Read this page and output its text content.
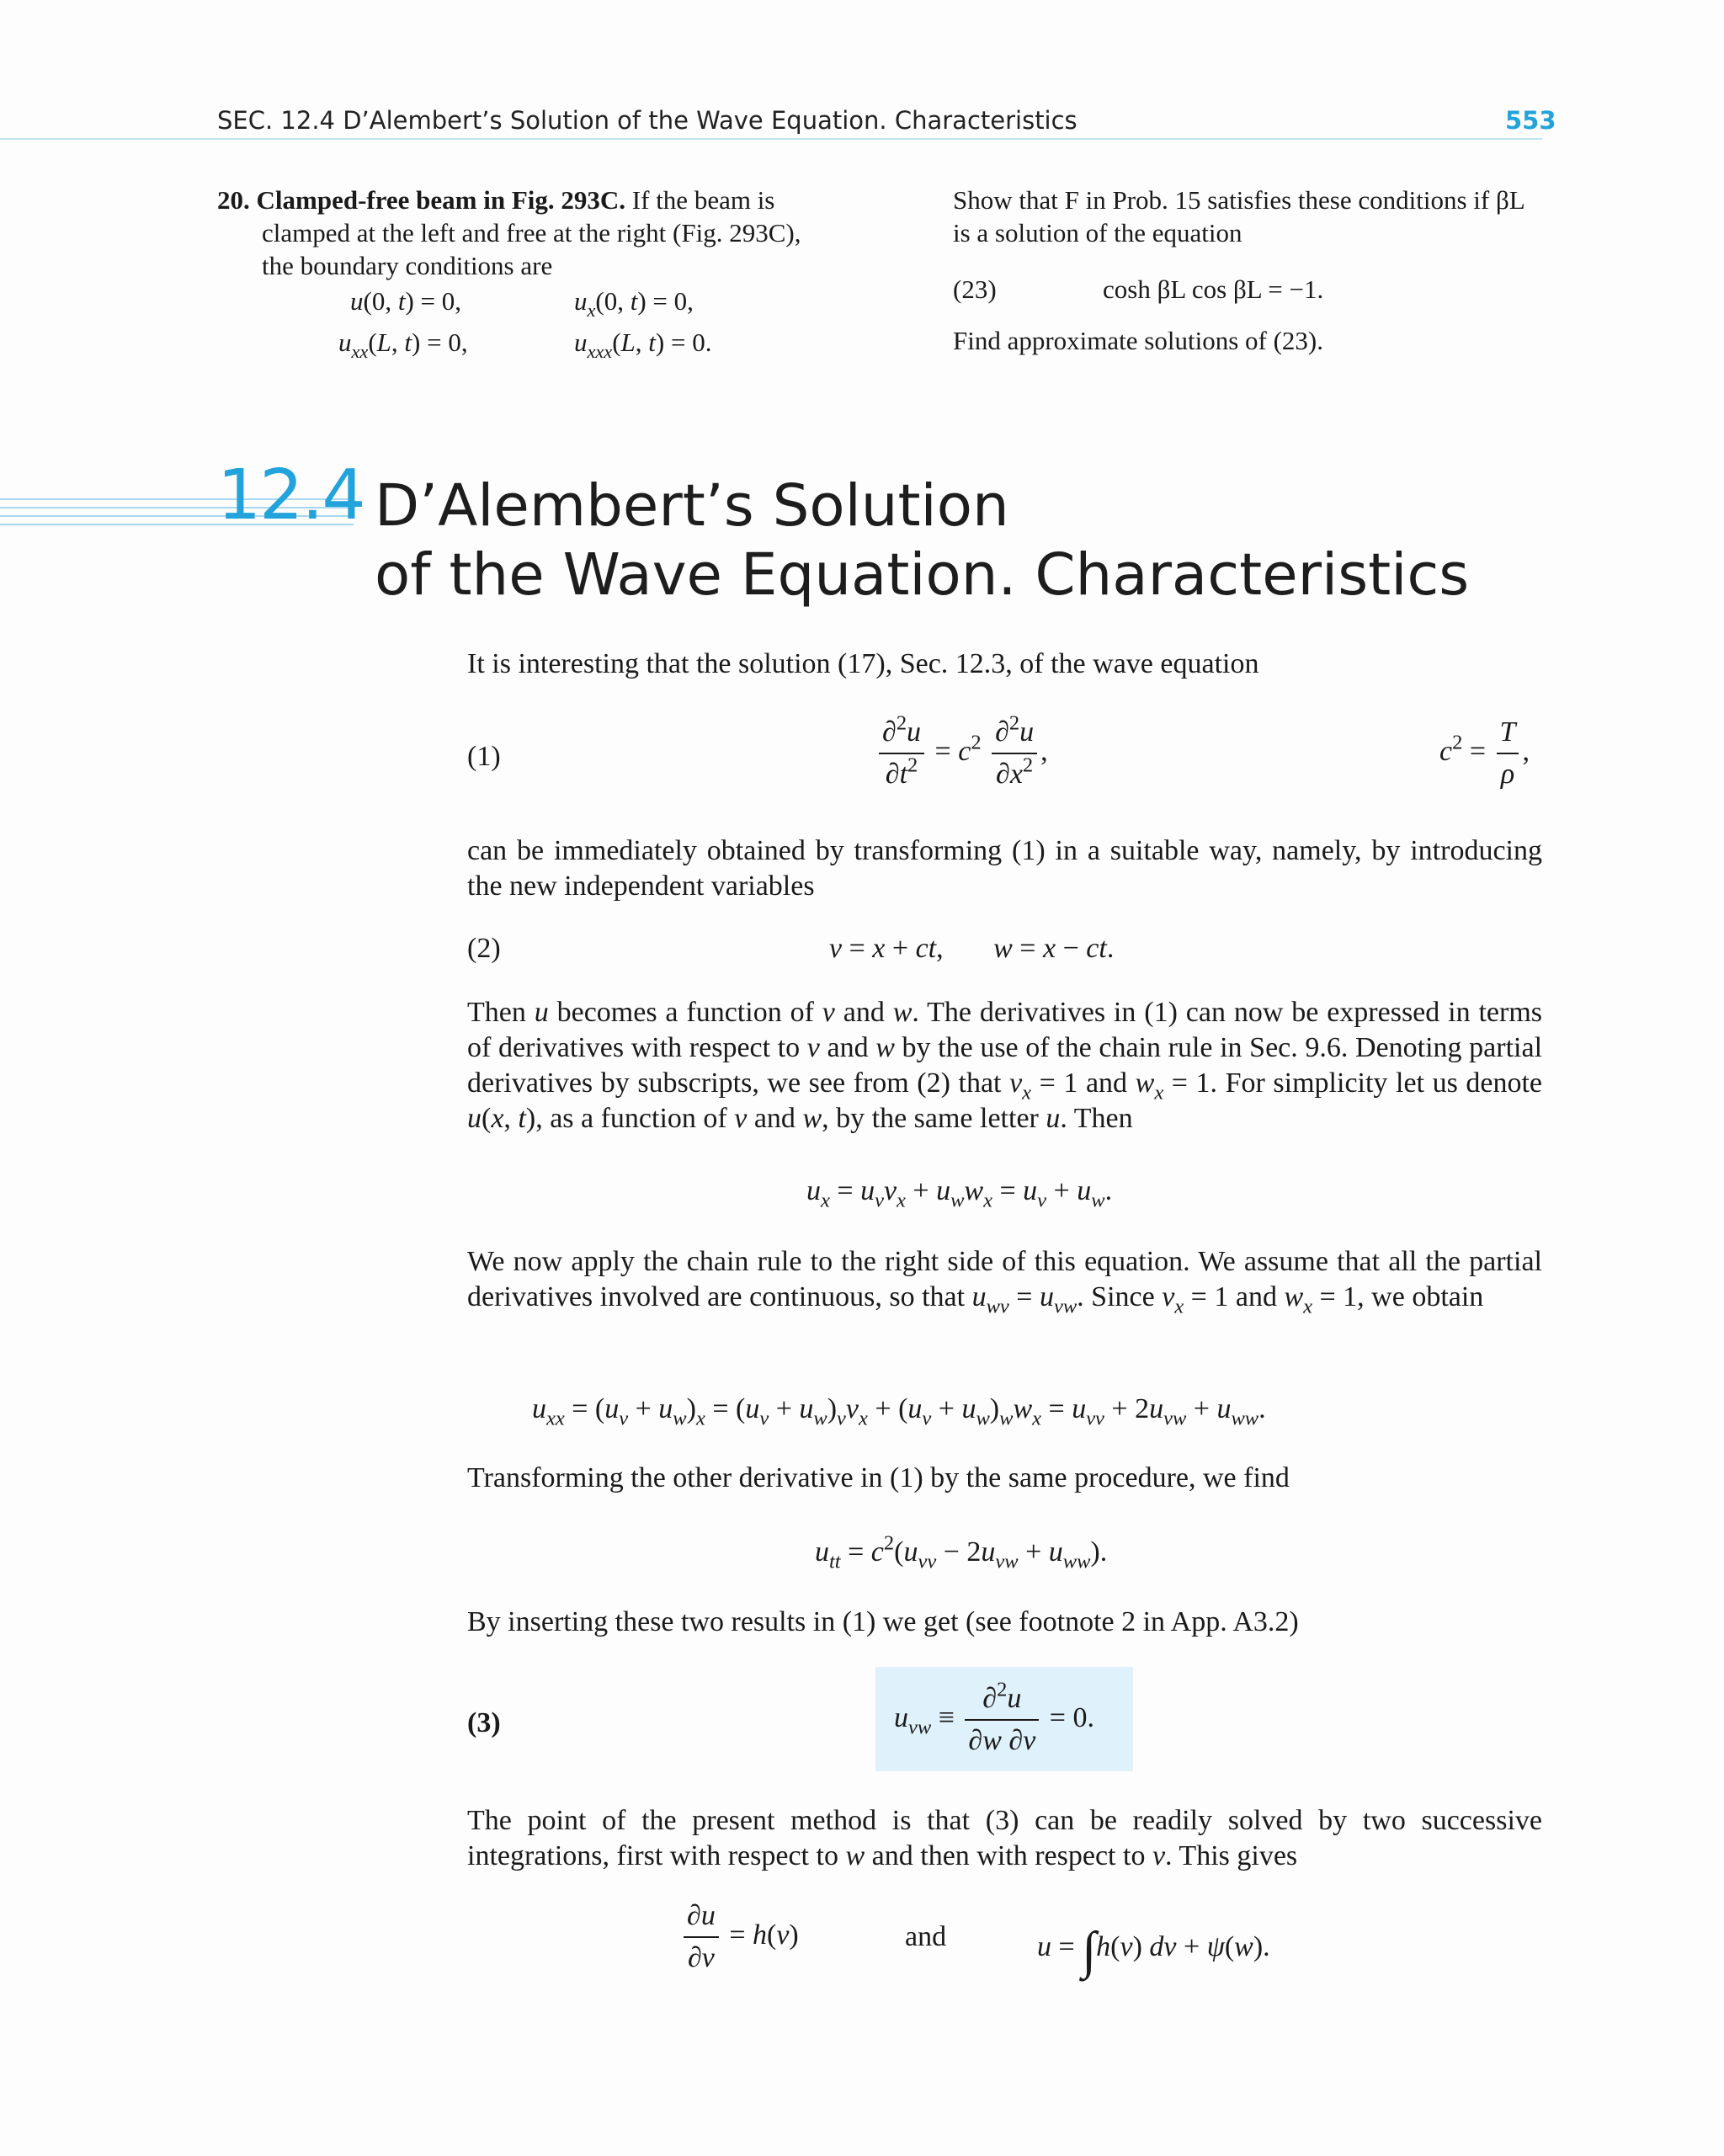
SEC. 12.4 D’Alembert’s Solution of the Wave Equation. Characteristics	553
20. Clamped-free beam in Fig. 293C. If the beam is
clamped at the left and free at the right (Fig. 293C),
the boundary conditions are
u(0, t) = 0,	$u_x(0$, t) = 0,
$u_{xx}(L$, t) = 0,	$u_{xxx}(L$, t) = 0.
Show that F in Prob. 15 satisfies these conditions if βL
is a solution of the equation
(23)	cosh βL cos βL = −1.
Find approximate solutions of (23).
12.4 D’Alembert’s Solution
of the Wave Equation. Characteristics
It is interesting that the solution (17), Sec. 12.3, of the wave equation
(1)	$\frac{\partial^2u}{\partial t^2} = c^2 \frac{\partial^2u}{\partial x^2}$ ,	$c^2 = \frac{T}{\rho}$ ,
can be immediately obtained by transforming (1) in a suitable way, namely, by introducing the new independent variables
(2)	v = x + ct,       w = x − ct.
Then u becomes a function of v and w. The derivatives in (1) can now be expressed in terms of derivatives with respect to v and w by the use of the chain rule in Sec. 9.6. Denoting partial derivatives by subscripts, we see from (2) that $v_x = 1$ and $w_x = 1$. For simplicity let us denote u(x, t), as a function of v and w, by the same letter u. Then
$u_x = u_vv_x + u_ww_x = u_v + u_w$.
We now apply the chain rule to the right side of this equation. We assume that all the partial derivatives involved are continuous, so that $u_{wv} = u_{vw}$. Since $v_x = 1$ and $w_x = 1$, we obtain
$u_{xx} = (u_v + u_w)_x = (u_v + u_w)_vv_x + (u_v + u_w)_ww_x = u_{vv} + 2u_{vw} + u_{ww}$.
Transforming the other derivative in (1) by the same procedure, we find
$u_{tt} = c^2(u_{vv} - 2u_{vw} + u_{ww})$.
By inserting these two results in (1) we get (see footnote 2 in App. A3.2)
(3)	$u_{vw} \equiv \frac{\partial^2u}{\partial w \partial v} = 0$.
The point of the present method is that (3) can be readily solved by two successive integrations, first with respect to w and then with respect to v. This gives
$\frac{\partial u}{\partial v} = h(v)$	and	u = ∫h(v) dv + ψ(w).
